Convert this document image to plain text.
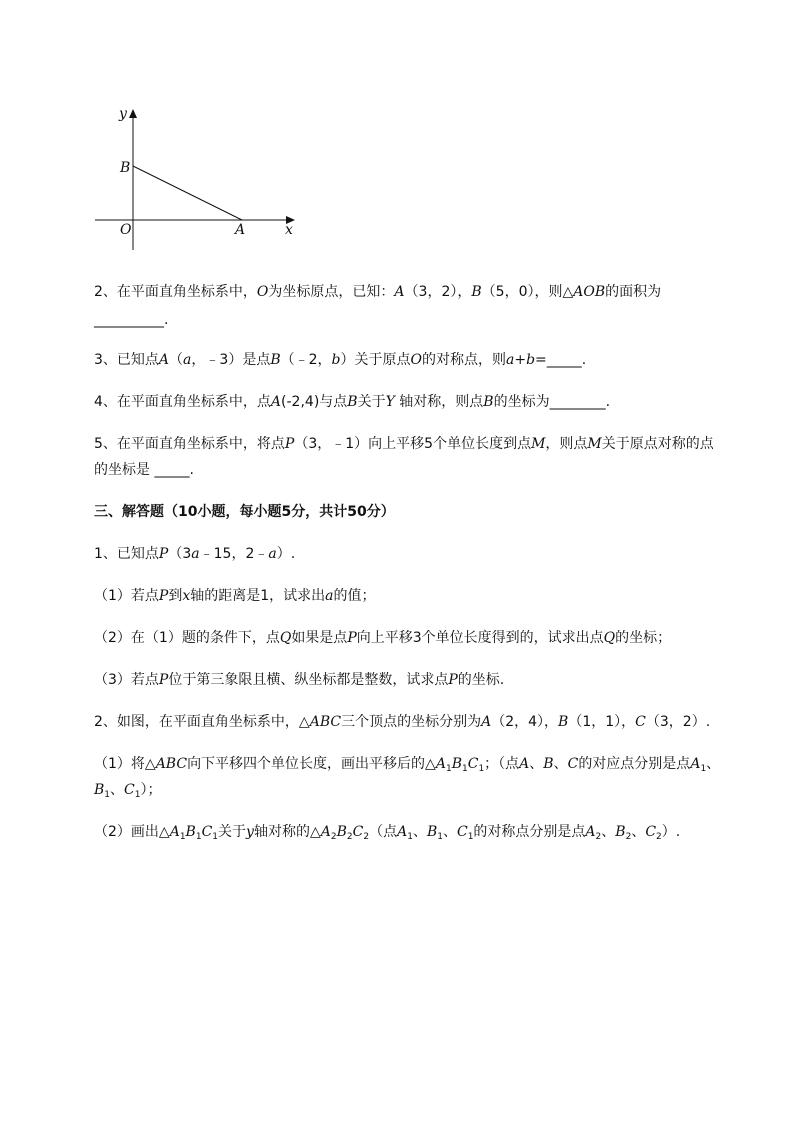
y
x
O	A
B
2、在平面直角坐标系中，O为坐标原点，已知：A（3，2），B（5，0），则△AOB的面积为
__________.
3、已知点A（a，﹣3）是点B（﹣2，b）关于原点O的对称点，则a+b=_____.
4、在平面直角坐标系中，点A(-2,4)与点B关于Y 轴对称，则点B的坐标为________.
5、在平面直角坐标系中，将点P（3，﹣1）向上平移5个单位长度到点M，则点M关于原点对称的点
的坐标是 _____.
三、解答题（10小题，每小题5分，共计50分）
1、已知点P（3a﹣15，2﹣a）.
（1）若点P到x轴的距离是1，试求出a的值；
（2）在（1）题的条件下，点Q如果是点P向上平移3个单位长度得到的，试求出点Q的坐标；
（3）若点P位于第三象限且横、纵坐标都是整数，试求点P的坐标.
2、如图，在平面直角坐标系中，△ABC三个顶点的坐标分别为A（2，4），B（1，1），C（3，2）.
（1）将△ABC向下平移四个单位长度，画出平移后的$\triangle A_1B_1C_1$；（点A、B、C的对应点分别是点$A_1$、
$B_1$、$C_1$）；
（2）画出$\triangle A_1B_1C_1$关于y轴对称的$\triangle A_2B_2C_2$（点$A_1$、$B_1$、$C_1$的对称点分别是点$A_2$、$B_2$、$C_2$）.
